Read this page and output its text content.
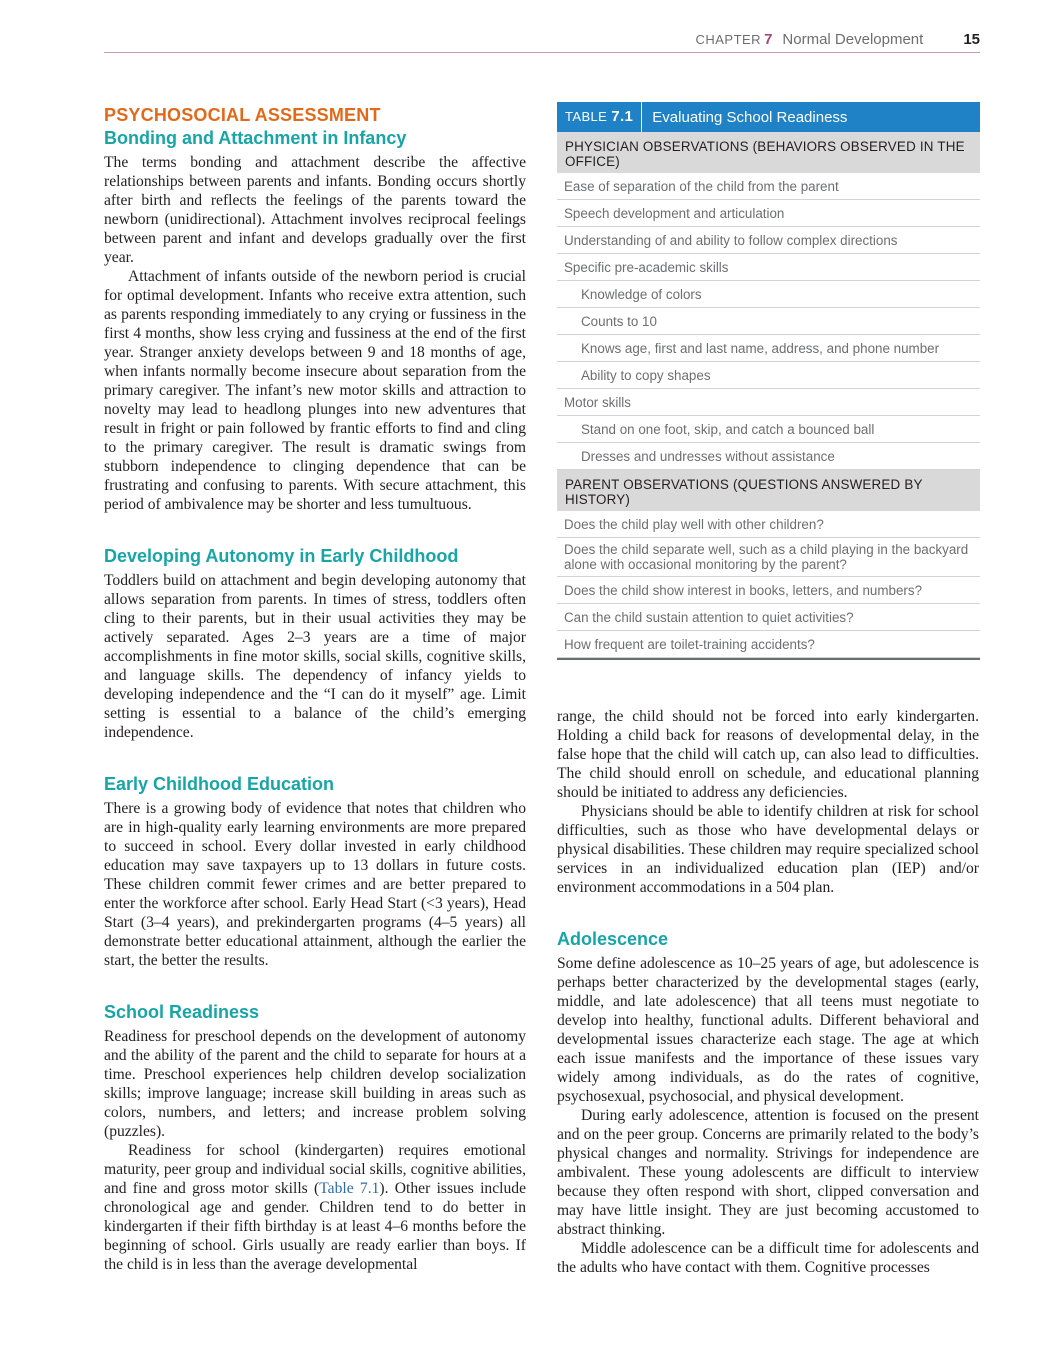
CHAPTER 7 Normal Development	15
PSYCHOSOCIAL ASSESSMENT
Bonding and Attachment in Infancy

The terms bonding and attachment describe the affective relationships between parents and infants. Bonding occurs shortly after birth and reflects the feelings of the parents toward the newborn (unidirectional). Attachment involves reciprocal feelings between parent and infant and develops gradually over the first year.

Attachment of infants outside of the newborn period is crucial for optimal development. Infants who receive extra attention, such as parents responding immediately to any crying or fussiness in the first 4 months, show less crying and fussiness at the end of the first year. Stranger anxiety develops between 9 and 18 months of age, when infants normally become insecure about separation from the primary caregiver. The infant’s new motor skills and attraction to novelty may lead to headlong plunges into new adventures that result in fright or pain followed by frantic efforts to find and cling to the primary caregiver. The result is dramatic swings from stubborn independence to clinging dependence that can be frustrating and confusing to parents. With secure attachment, this period of ambivalence may be shorter and less tumultuous.

Developing Autonomy in Early Childhood

Toddlers build on attachment and begin developing autonomy that allows separation from parents. In times of stress, toddlers often cling to their parents, but in their usual activities they may be actively separated. Ages 2–3 years are a time of major accomplishments in fine motor skills, social skills, cognitive skills, and language skills. The dependency of infancy yields to developing independence and the “I can do it myself” age. Limit setting is essential to a balance of the child’s emerging independence.

Early Childhood Education

There is a growing body of evidence that notes that children who are in high-quality early learning environments are more prepared to succeed in school. Every dollar invested in early childhood education may save taxpayers up to 13 dollars in future costs. These children commit fewer crimes and are better prepared to enter the workforce after school. Early Head Start (<3 years), Head Start (3–4 years), and prekindergarten programs (4–5 years) all demonstrate better educational attainment, although the earlier the start, the better the results.

School Readiness

Readiness for preschool depends on the development of autonomy and the ability of the parent and the child to separate for hours at a time. Preschool experiences help children develop socialization skills; improve language; increase skill building in areas such as colors, numbers, and letters; and increase problem solving (puzzles).

Readiness for school (kindergarten) requires emotional maturity, peer group and individual social skills, cognitive abilities, and fine and gross motor skills (Table 7.1). Other issues include chronological age and gender. Children tend to do better in kindergarten if their fifth birthday is at least 4–6 months before the beginning of school. Girls usually are ready earlier than boys. If the child is in less than the average developmental

TABLE 7.1	Evaluating School Readiness
PHYSICIAN OBSERVATIONS (BEHAVIORS OBSERVED IN THE OFFICE)
Ease of separation of the child from the parent
Speech development and articulation
Understanding of and ability to follow complex directions
Specific pre-academic skills
Knowledge of colors
Counts to 10
Knows age, first and last name, address, and phone number
Ability to copy shapes
Motor skills
Stand on one foot, skip, and catch a bounced ball
Dresses and undresses without assistance
PARENT OBSERVATIONS (QUESTIONS ANSWERED BY HISTORY)
Does the child play well with other children?
Does the child separate well, such as a child playing in the backyard alone with occasional monitoring by the parent?
Does the child show interest in books, letters, and numbers?
Can the child sustain attention to quiet activities?
How frequent are toilet-training accidents?

range, the child should not be forced into early kindergarten. Holding a child back for reasons of developmental delay, in the false hope that the child will catch up, can also lead to difficulties. The child should enroll on schedule, and educational planning should be initiated to address any deficiencies.

Physicians should be able to identify children at risk for school difficulties, such as those who have developmental delays or physical disabilities. These children may require specialized school services in an individualized education plan (IEP) and/or environment accommodations in a 504 plan.

Adolescence

Some define adolescence as 10–25 years of age, but adolescence is perhaps better characterized by the developmental stages (early, middle, and late adolescence) that all teens must negotiate to develop into healthy, functional adults. Different behavioral and developmental issues characterize each stage. The age at which each issue manifests and the importance of these issues vary widely among individuals, as do the rates of cognitive, psychosexual, psychosocial, and physical development.

During early adolescence, attention is focused on the present and on the peer group. Concerns are primarily related to the body’s physical changes and normality. Strivings for independence are ambivalent. These young adolescents are difficult to interview because they often respond with short, clipped conversation and may have little insight. They are just becoming accustomed to abstract thinking.

Middle adolescence can be a difficult time for adolescents and the adults who have contact with them. Cognitive processes
